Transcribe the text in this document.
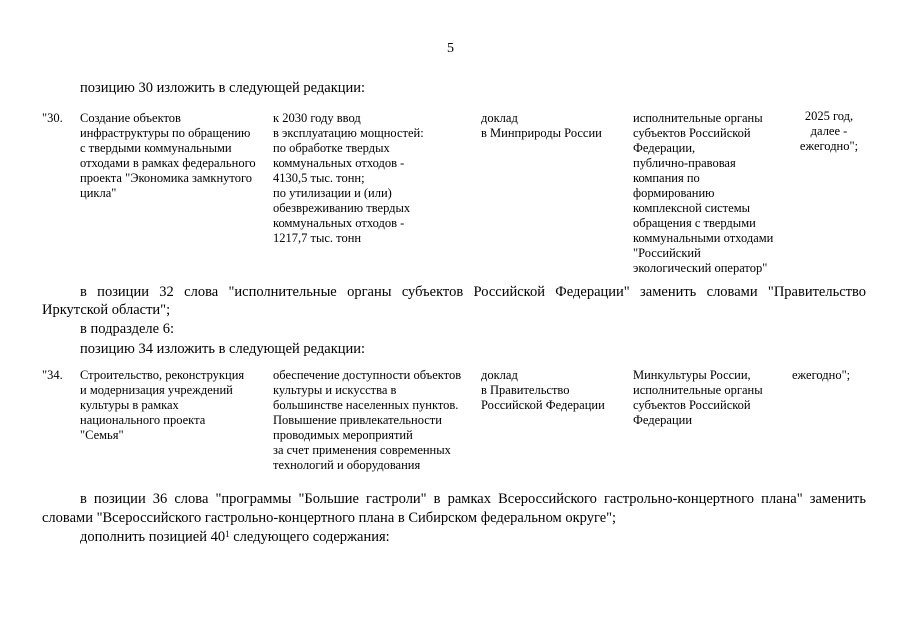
5
позицию 30 изложить в следующей редакции:
"30. Создание объектов
инфраструктуры по обращению
с твердыми коммунальными
отходами в рамках федерального
проекта "Экономика замкнутого
цикла"
к 2030 году ввод
в эксплуатацию мощностей:
по обработке твердых
коммунальных отходов -
4130,5 тыс. тонн;
по утилизации и (или)
обезвреживанию твердых
коммунальных отходов -
1217,7 тыс. тонн
доклад
в Минприроды России
исполнительные органы
субъектов Российской
Федерации,
публично-правовая
компания по
формированию
комплексной системы
обращения с твердыми
коммунальными отходами
"Российский
экологический оператор"
2025 год,
далее -
ежегодно";
в позиции 32 слова "исполнительные органы субъектов Российской Федерации" заменить словами "Правительство
Иркутской области";
в подразделе 6:
позицию 34 изложить в следующей редакции:
"34. Строительство, реконструкция
и модернизация учреждений
культуры в рамках
национального проекта
"Семья"
обеспечение доступности объектов
культуры и искусства в
большинстве населенных пунктов.
Повышение привлекательности
проводимых мероприятий
за счет применения современных
технологий и оборудования
доклад
в Правительство
Российской Федерации
Минкультуры России,
исполнительные органы
субъектов Российской
Федерации
ежегодно";
в позиции 36 слова "программы "Большие гастроли" в рамках Всероссийского гастрольно-концертного плана" заменить
словами "Всероссийского гастрольно-концертного плана в Сибирском федеральном округе";
дополнить позицией $40^1$ следующего содержания:
